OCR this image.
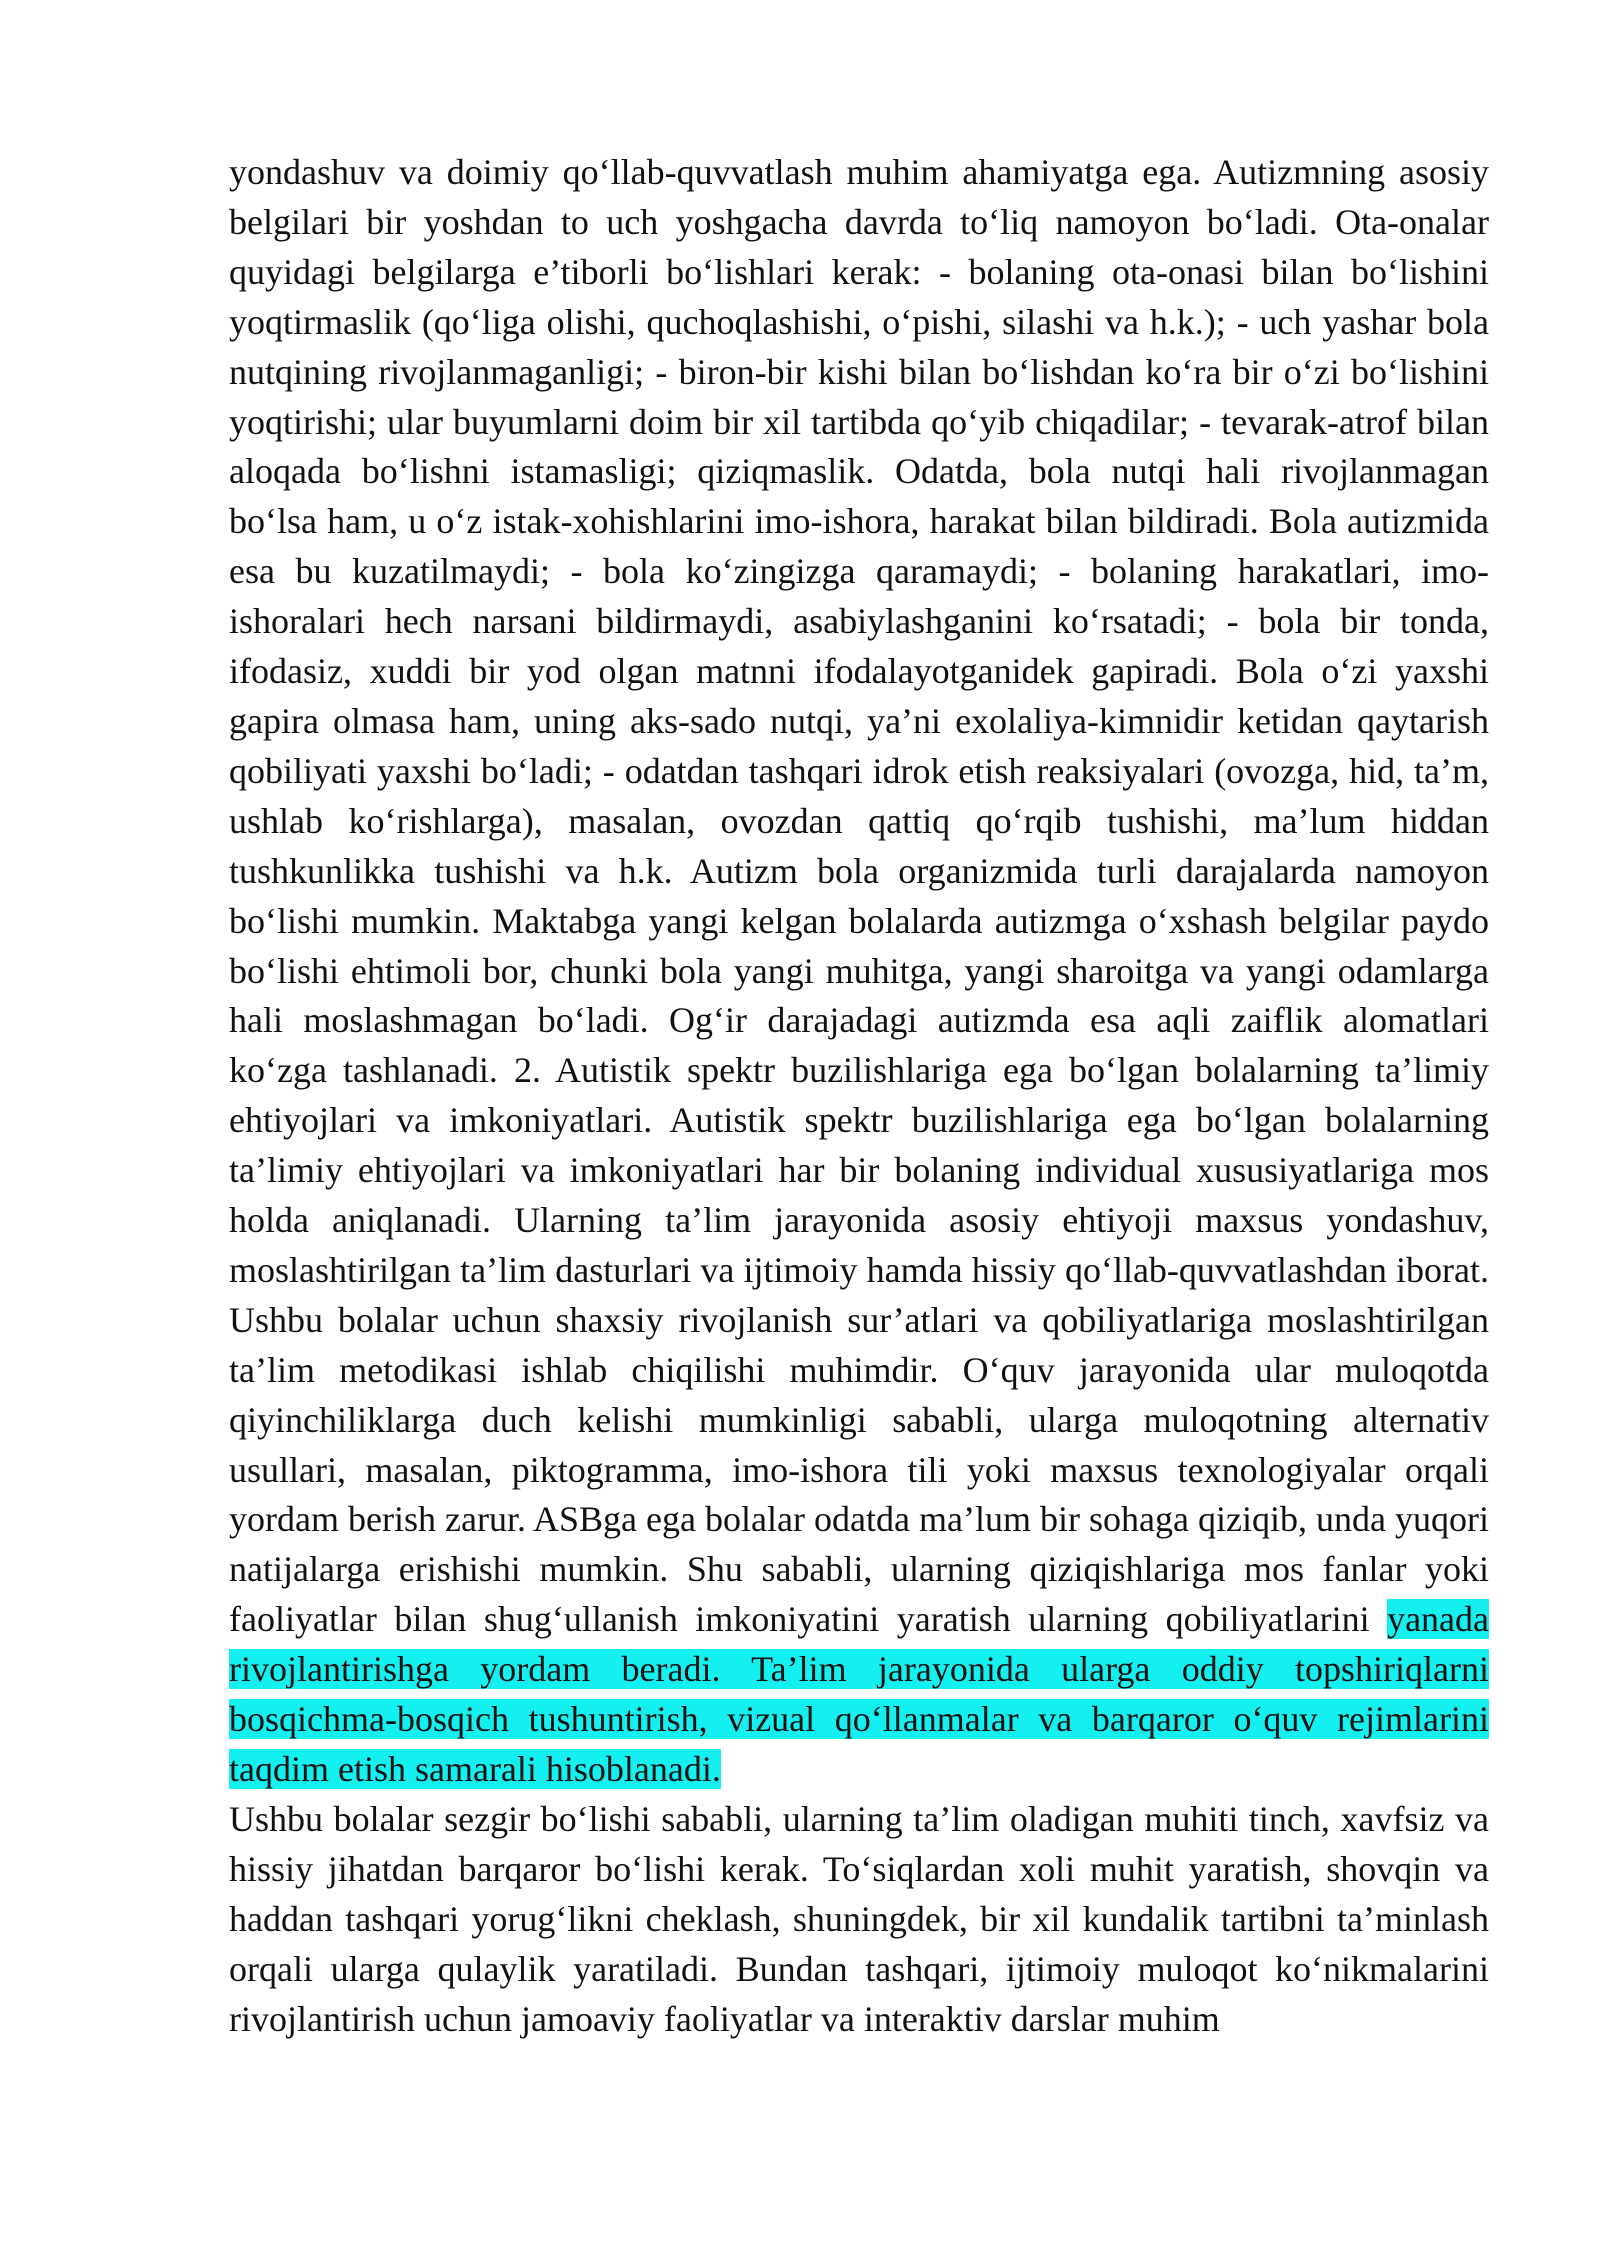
yondashuv va doimiy qo‘llab-quvvatlash muhim ahamiyatga ega. Autizmning asosiy belgilari bir yoshdan to uch yoshgacha davrda to‘liq namoyon bo‘ladi. Ota-onalar quyidagi belgilarga e’tiborli bo‘lishlari kerak: - bolaning ota-onasi bilan bo‘lishini yoqtirmaslik (qo‘liga olishi, quchoqlashishi, o‘pishi, silashi va h.k.); - uch yashar bola nutqining rivojlanmaganligi; - biron-bir kishi bilan bo‘lishdan ko‘ra bir o‘zi bo‘lishini yoqtirishi; ular buyumlarni doim bir xil tartibda qo‘yib chiqadilar; - tevarak-atrof bilan aloqada bo‘lishni istamasligi; qiziqmaslik. Odatda, bola nutqi hali rivojlanmagan bo‘lsa ham, u o‘z istak-xohishlarini imo-ishora, harakat bilan bildiradi. Bola autizmida esa bu kuzatilmaydi; - bola ko‘zingizga qaramaydi; - bolaning harakatlari, imo-ishoralari hech narsani bildirmaydi, asabiylashganini ko‘rsatadi; - bola bir tonda, ifodasiz, xuddi bir yod olgan matnni ifodalayotganidek gapiradi. Bola o‘zi yaxshi gapira olmasa ham, uning aks-sado nutqi, ya’ni exolaliya-kimnidir ketidan qaytarish qobiliyati yaxshi bo‘ladi; - odatdan tashqari idrok etish reaksiyalari (ovozga, hid, ta’m, ushlab ko‘rishlarga), masalan, ovozdan qattiq qo‘rqib tushishi, ma’lum hiddan tushkunlikka tushishi va h.k. Autizm bola organizmida turli darajalarda namoyon bo‘lishi mumkin. Maktabga yangi kelgan bolalarda autizmga o‘xshash belgilar paydo bo‘lishi ehtimoli bor, chunki bola yangi muhitga, yangi sharoitga va yangi odamlarga hali moslashmagan bo‘ladi. Og‘ir darajadagi autizmda esa aqli zaiflik alomatlari ko‘zga tashlanadi. 2. Autistik spektr buzilishlariga ega bo‘lgan bolalarning ta’limiy ehtiyojlari va imkoniyatlari. Autistik spektr buzilishlariga ega bo‘lgan bolalarning ta’limiy ehtiyojlari va imkoniyatlari har bir bolaning individual xususiyatlariga mos holda aniqlanadi. Ularning ta’lim jarayonida asosiy ehtiyoji maxsus yondashuv, moslashtirilgan ta’lim dasturlari va ijtimoiy hamda hissiy qo‘llab-quvvatlashdan iborat. Ushbu bolalar uchun shaxsiy rivojlanish sur’atlari va qobiliyatlariga moslashtirilgan ta’lim metodikasi ishlab chiqilishi muhimdir. O‘quv jarayonida ular muloqotda qiyinchiliklarga duch kelishi mumkinligi sababli, ularga muloqotning alternativ usullari, masalan, piktogramma, imo-ishora tili yoki maxsus texnologiyalar orqali yordam berish zarur. ASBga ega bolalar odatda ma’lum bir sohaga qiziqib, unda yuqori natijalarga erishishi mumkin. Shu sababli, ularning qiziqishlariga mos fanlar yoki faoliyatlar bilan shug‘ullanish imkoniyatini yaratish ularning qobiliyatlarini yanada rivojlantirishga yordam beradi. Ta’lim jarayonida ularga oddiy topshiriqlarni bosqichma-bosqich tushuntirish, vizual qo‘llanmalar va barqaror o‘quv rejimlarini taqdim etish samarali hisoblanadi.

Ushbu bolalar sezgir bo‘lishi sababli, ularning ta’lim oladigan muhiti tinch, xavfsiz va hissiy jihatdan barqaror bo‘lishi kerak. To‘siqlardan xoli muhit yaratish, shovqin va haddan tashqari yorug‘likni cheklash, shuningdek, bir xil kundalik tartibni ta’minlash orqali ularga qulaylik yaratiladi. Bundan tashqari, ijtimoiy muloqot ko‘nikmalarini rivojlantirish uchun jamoaviy faoliyatlar va interaktiv darslar muhim
